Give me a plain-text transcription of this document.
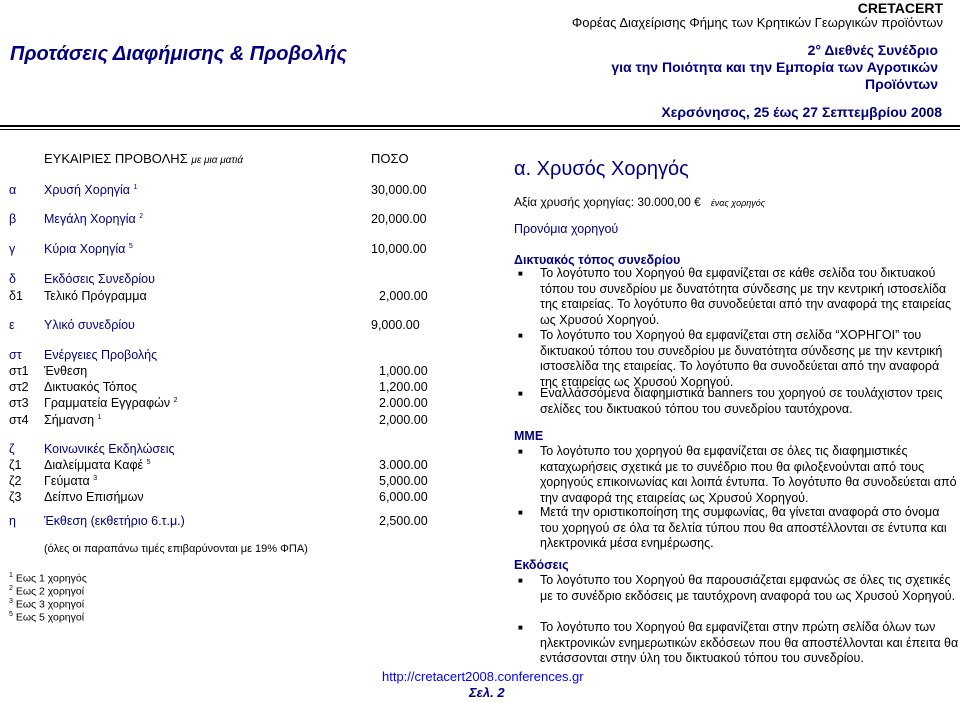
CRETACERT
Φορέας Διαχείρισης Φήμης των Κρητικών Γεωργικών προϊόντων
2° Διεθνές Συνέδριο
για την Ποιότητα και την Εμπορία των Αγροτικών
Προϊόντων
Προτάσεις Διαφήμισης & Προβολής
Χερσόνησος, 25 έως 27 Σεπτεμβρίου 2008
ΕΥΚΑΙΡΙΕΣ ΠΡΟΒΟΛΗΣ με μια ματιά	ΠΟΣΟ
α Χρυσή Χορηγία $^1$	30,000.00
β Μεγάλη Χορηγία $^2$	20,000.00
γ Κύρια Χορηγία $^5$	10,000.00
δ Εκδόσεις Συνεδρίου
δ1 Τελικό Πρόγραμμα	2,000.00
ε Υλικό συνεδρίου	9,000.00
στ Ενέργειες Προβολής
στ1 Ένθεση	1,000.00
στ2 Δικτυακός Τόπος	1,200.00
στ3 Γραμματεία Εγγραφών $^2$	2.000.00
στ4 Σήμανση $^1$	2,000.00
ζ Κοινωνικές Εκδηλώσεις
ζ1 Διαλείμματα Καφέ $^5$	3.000.00
ζ2 Γεύματα $^3$	5,000.00
ζ3 Δείπνο Επισήμων	6,000.00
η Έκθεση (εκθετήριο 6.τ.μ.)	2,500.00
(όλες οι παραπάνω τιμές επιβαρύνονται με 19% ΦΠΑ)
$^1$ Εως 1 χορηγός
$^2$ Εως 2 χορηγοί
$^3$ Εως 3 χορηγοί
$^5$ Εως 5 χορηγοί
α. Χρυσός Χορηγός
Αξία χρυσής χορηγίας: 30.000,00 € ένας χορηγός
Προνόμια χορηγού
Δικτυακός τόπος συνεδρίου
■ Το λογότυπο του Χορηγού θα εμφανίζεται σε κάθε σελίδα του δικτυακού τόπου του συνεδρίου με δυνατότητα σύνδεσης με την κεντρική ιστοσελίδα της εταιρείας. Το λογότυπο θα συνοδεύεται από την αναφορά της εταιρείας ως Χρυσού Χορηγού.
■ Το λογότυπο του Χορηγού θα εμφανίζεται στη σελίδα “ΧΟΡΗΓΟΙ” του δικτυακού τόπου του συνεδρίου με δυνατότητα σύνδεσης με την κεντρική ιστοσελίδα της εταιρείας. Το λογότυπο θα συνοδεύεται από την αναφορά της εταιρείας ως Χρυσού Χορηγού.
■ Εναλλάσσόμενα διαφημιστικά banners του χορηγού σε τουλάχιστον τρεις σελίδες του δικτυακού τόπου του συνεδρίου ταυτόχρονα.
ΜΜΕ
■ Το λογότυπο του χορηγού θα εμφανίζεται σε όλες τις διαφημιστικές καταχωρήσεις σχετικά με το συνέδριο που θα φιλοξενούνται από τους χορηγούς επικοινωνίας και λοιπά έντυπα. Το λογότυπο θα συνοδεύεται από την αναφορά της εταιρείας ως Χρυσού Χορηγού.
■ Μετά την οριστικοποίηση της συμφωνίας, θα γίνεται αναφορά στο όνομα του χορηγού σε όλα τα δελτία τύπου που θα αποστέλλονται σε έντυπα και ηλεκτρονικά μέσα ενημέρωσης.
Εκδόσεις
■ Το λογότυπο του Χορηγού θα παρουσιάζεται εμφανώς σε όλες τις σχετικές με το συνέδριο εκδόσεις με ταυτόχρονη αναφορά του ως Χρυσού Χορηγού.
■ Το λογότυπο του Χορηγού θα εμφανίζεται στην πρώτη σελίδα όλων των ηλεκτρονικών ενημερωτικών εκδόσεων που θα αποστέλλονται και έπειτα θα εντάσσονται στην ύλη του δικτυακού τόπου του συνεδρίου.
http://cretacert2008.conferences.gr
Σελ. 2
